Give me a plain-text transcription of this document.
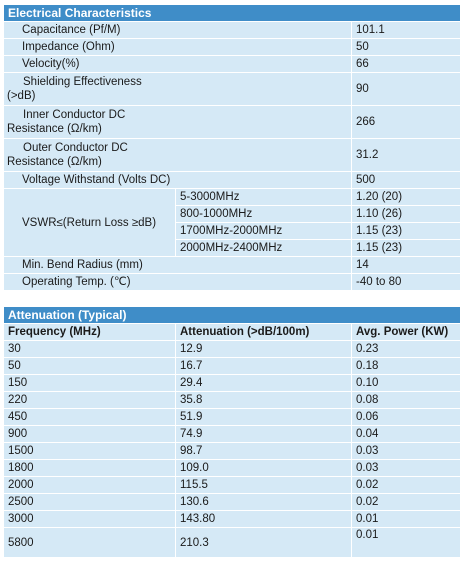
Electrical Characteristics		
Capacitance (Pf/M)		101.1
Impedance (Ohm)		50
Velocity(%)		66

Shielding Effectiveness
(>dB)		90

Inner Conductor DC
Resistance (Ω/km)		266

Outer Conductor DC
Resistance (Ω/km)		31.2
Voltage Withstand (Volts DC)		500
VSWR≤(Return Loss ≥dB)	5-3000MHz	1.20 (20)
	800-1000MHz	1.10 (26)
	1700MHz-2000MHz	1.15 (23)
	2000MHz-2400MHz	1.15 (23)
Min. Bend Radius (mm)		14
Operating Temp. (℃)		-40 to 80
Attenuation (Typical)		
Frequency (MHz)	Attenuation (>dB/100m)	Avg. Power (KW)
30	12.9	0.23
50	16.7	0.18
150	29.4	0.10
220	35.8	0.08
450	51.9	0.06
900	74.9	0.04
1500	98.7	0.03
1800	109.0	0.03
2000	115.5	0.02
2500	130.6	0.02
3000	143.80	0.01
5800	210.3	0.01
